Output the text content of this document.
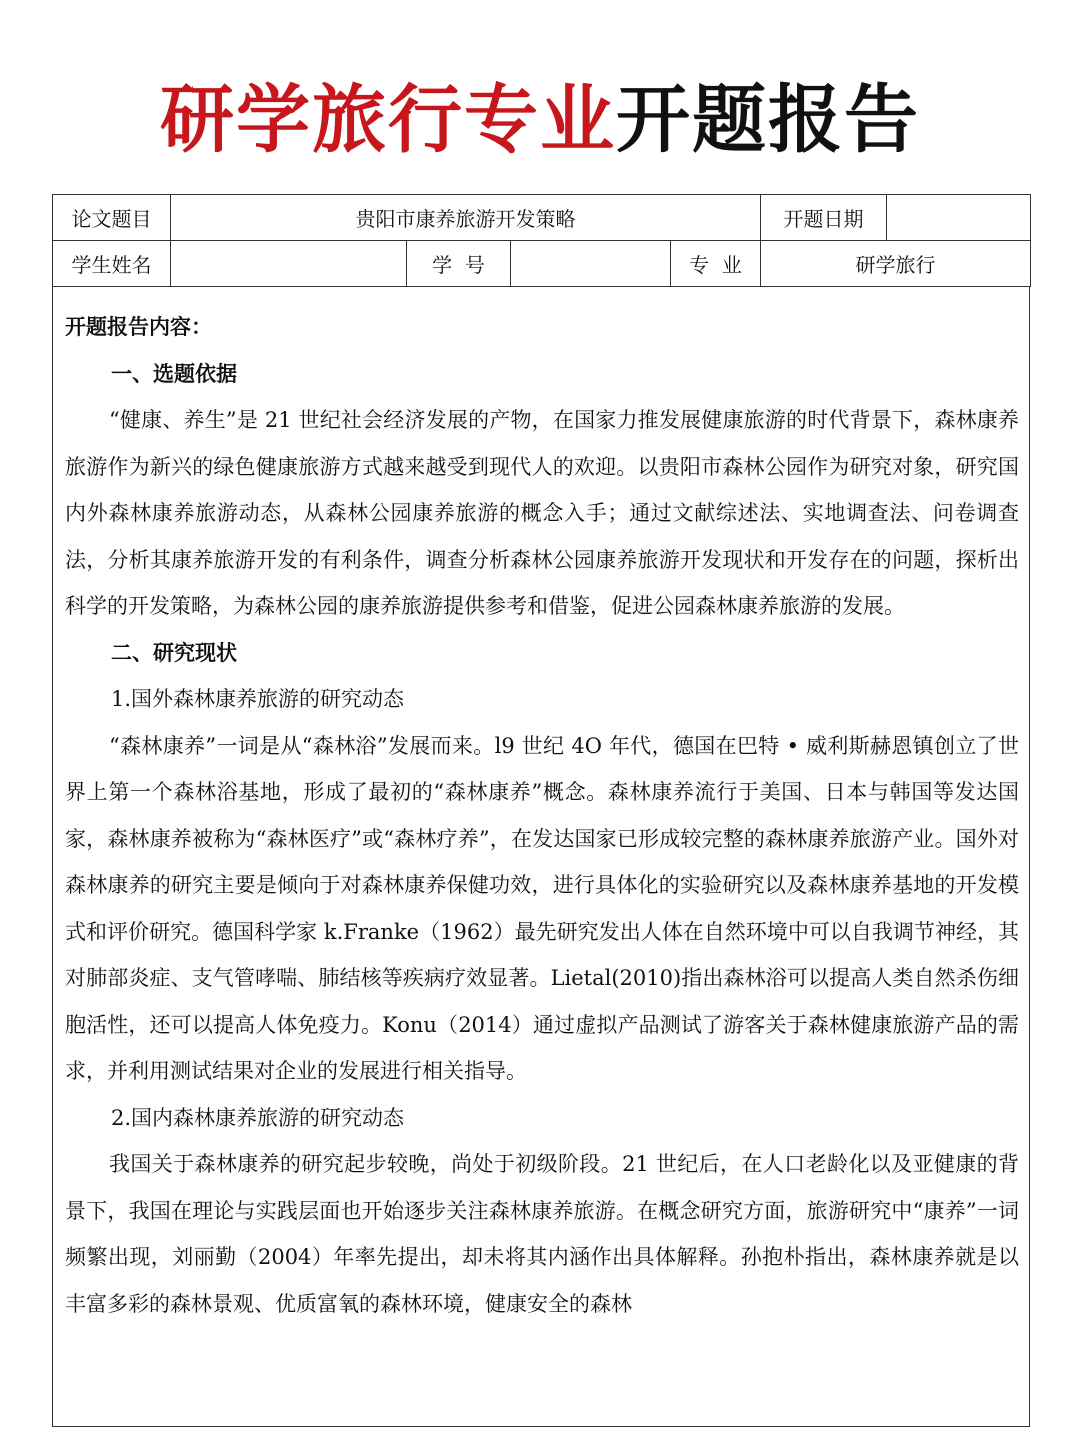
研学旅行专业开题报告
论文题目	贵阳市康养旅游开发策略				开题日期	
学生姓名		学  号		专  业	研学旅行	

开题报告内容：

一、选题依据

“健康、养生”是 21 世纪社会经济发展的产物，在国家力推发展健康旅游的时代背景下，森林康养旅游作为新兴的绿色健康旅游方式越来越受到现代人的欢迎。以贵阳市森林公园作为研究对象，研究国内外森林康养旅游动态，从森林公园康养旅游的概念入手；通过文献综述法、实地调查法、问卷调查法，分析其康养旅游开发的有利条件，调查分析森林公园康养旅游开发现状和开发存在的问题，探析出科学的开发策略，为森林公园的康养旅游提供参考和借鉴，促进公园森林康养旅游的发展。

二、研究现状

1.国外森林康养旅游的研究动态

“森林康养”一词是从“森林浴”发展而来。l9 世纪 4O 年代，德国在巴特 • 威利斯赫恩镇创立了世界上第一个森林浴基地，形成了最初的“森林康养”概念。森林康养流行于美国、日本与韩国等发达国家，森林康养被称为“森林医疗”或“森林疗养”，在发达国家已形成较完整的森林康养旅游产业。国外对森林康养的研究主要是倾向于对森林康养保健功效，进行具体化的实验研究以及森林康养基地的开发模式和评价研究。德国科学家 k.Franke（1962）最先研究发出人体在自然环境中可以自我调节神经，其对肺部炎症、支气管哮喘、肺结核等疾病疗效显著。Lietal(2010)指出森林浴可以提高人类自然杀伤细胞活性，还可以提高人体免疫力。Konu（2014）通过虚拟产品测试了游客关于森林健康旅游产品的需求，并利用测试结果对企业的发展进行相关指导。

2.国内森林康养旅游的研究动态

我国关于森林康养的研究起步较晚，尚处于初级阶段。21 世纪后，在人口老龄化以及亚健康的背景下，我国在理论与实践层面也开始逐步关注森林康养旅游。在概念研究方面，旅游研究中“康养”一词频繁出现，刘丽勤（2004）年率先提出，却未将其内涵作出具体解释。孙抱朴指出，森林康养就是以丰富多彩的森林景观、优质富氧的森林环境，健康安全的森林
